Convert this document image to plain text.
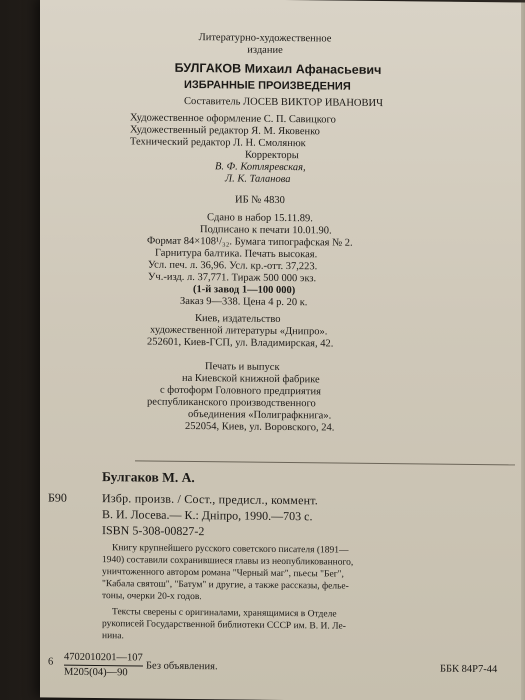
Литературно-художественное
издание
БУЛГАКОВ Михаил Афанасьевич
ИЗБРАННЫЕ ПРОИЗВЕДЕНИЯ
Составитель ЛОСЕВ ВИКТОР ИВАНОВИЧ
Художественное оформление С. П. Савицкого
Художественный редактор Я. М. Яковенко
Технический редактор Л. Н. Смолянюк
Корректоры
В. Ф. Котляревская,
Л. К. Таланова
ИБ № 4830
Сдано в набор 15.11.89.
Подписано к печати 10.01.90.
Формат 84×108¹/₃₂. Бумага типографская № 2.
Гарнитура балтика. Печать высокая.
Усл. печ. л. 36,96. Усл. кр.-отт. 37,223.
Уч.-изд. л. 37,771. Тираж 500 000 экз.
(1-й завод 1—100 000)
Заказ 9—338. Цена 4 р. 20 к.
Киев, издательство
художественной литературы «Днипро».
252601, Киев-ГСП, ул. Владимирская, 42.
Печать и выпуск
на Киевской книжной фабрике
с фотоформ Головного предприятия
республиканского производственного
объединения «Полиграфкнига».
252054, Киев, ул. Воровского, 24.
Булгаков М. А.
Б90	Избр. произв. / Сост., предисл., коммент.
В. И. Лосева.— К.: Дніпро, 1990.—703 с.
ISBN 5-308-00827-2
Книгу крупнейшего русского советского писателя (1891—
1940) составили сохранившиеся главы из неопубликованного,
уничтоженного автором романа "Черный маг", пьесы "Бег",
"Кабала святош", "Батум" и другие, а также рассказы, фелье-
тоны, очерки 20-х годов.
Тексты сверены с оригиналами, хранящимися в Отделе
рукописей Государственной библиотеки СССР им. В. И. Ле-
нина.
6 4702010201—107
М205(04)—90
Без объявления.	ББК 84Р7-44
